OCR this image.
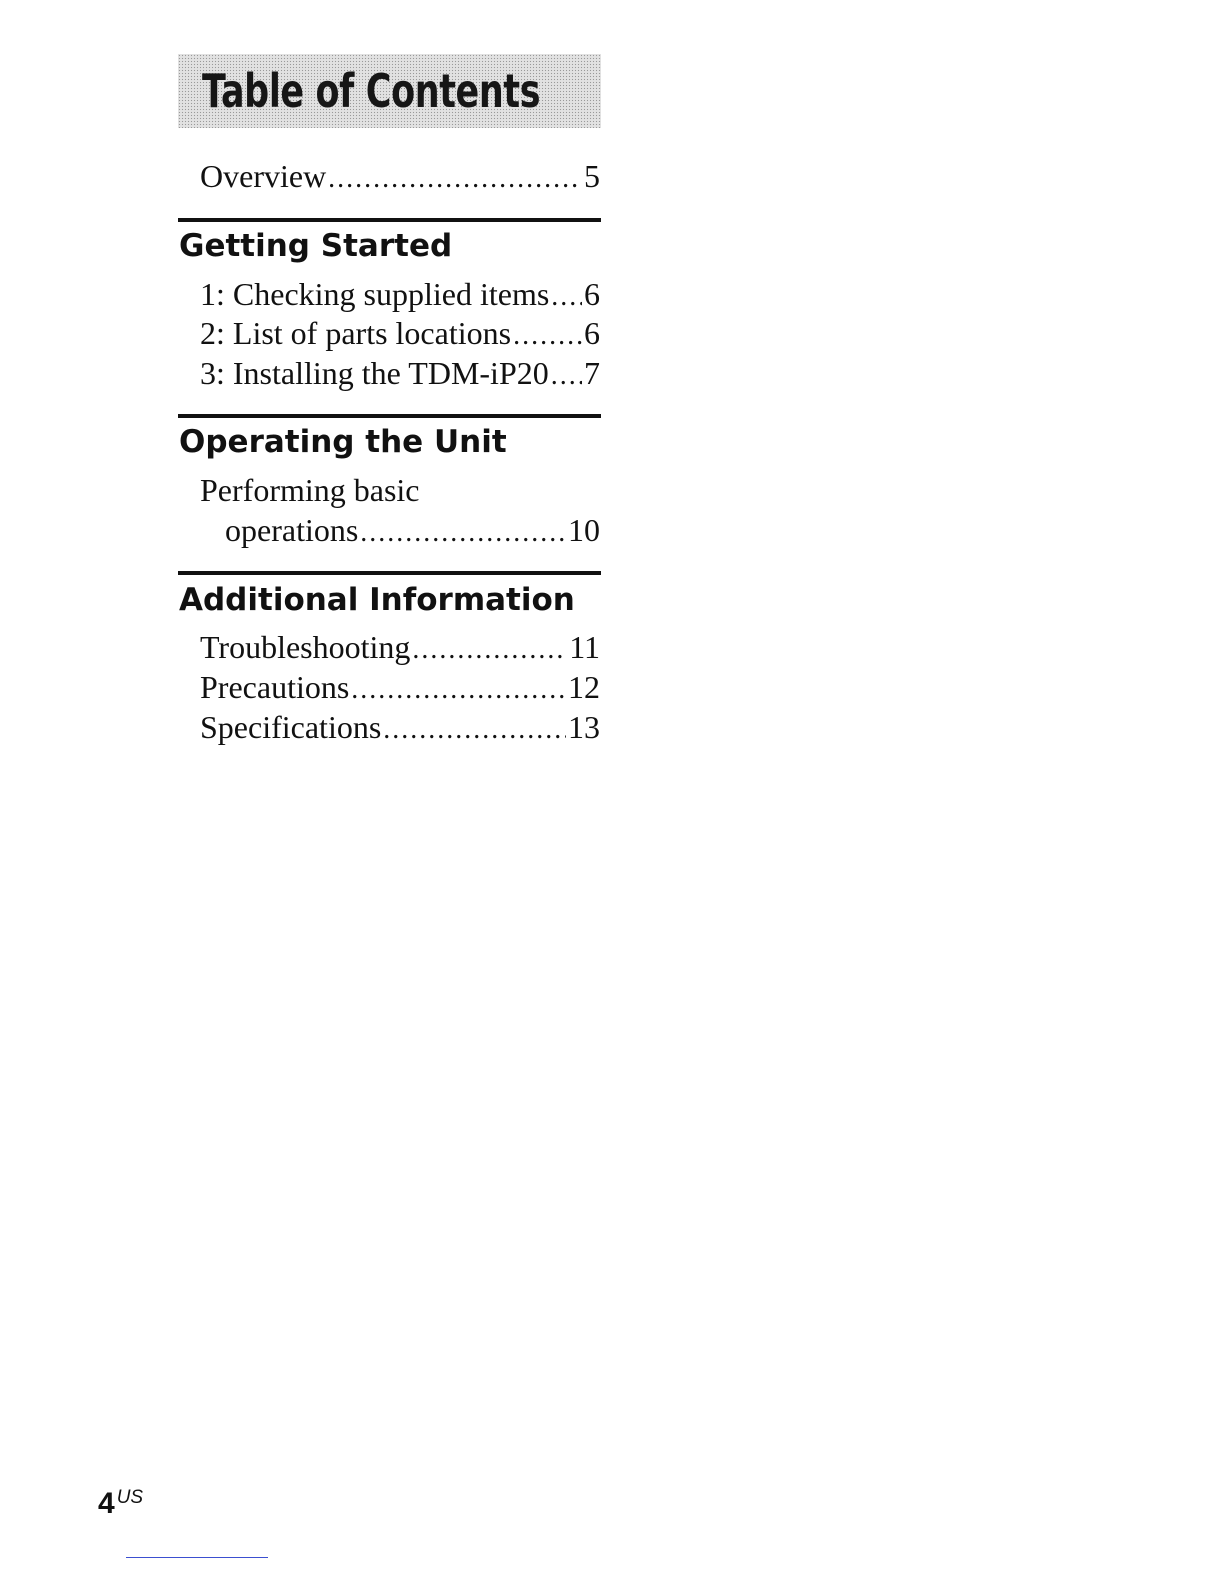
Table of Contents
Overview .....	5
Getting Started
1: Checking supplied items ..... 6
2: List of parts locations ..... 6
3: Installing the TDM-iP20 ..... 7
Operating the Unit
Performing basic
operations .....	10
Additional Information
Troubleshooting .....	11
Precautions .....	12
Specifications .....	13
4 $^{US}$
